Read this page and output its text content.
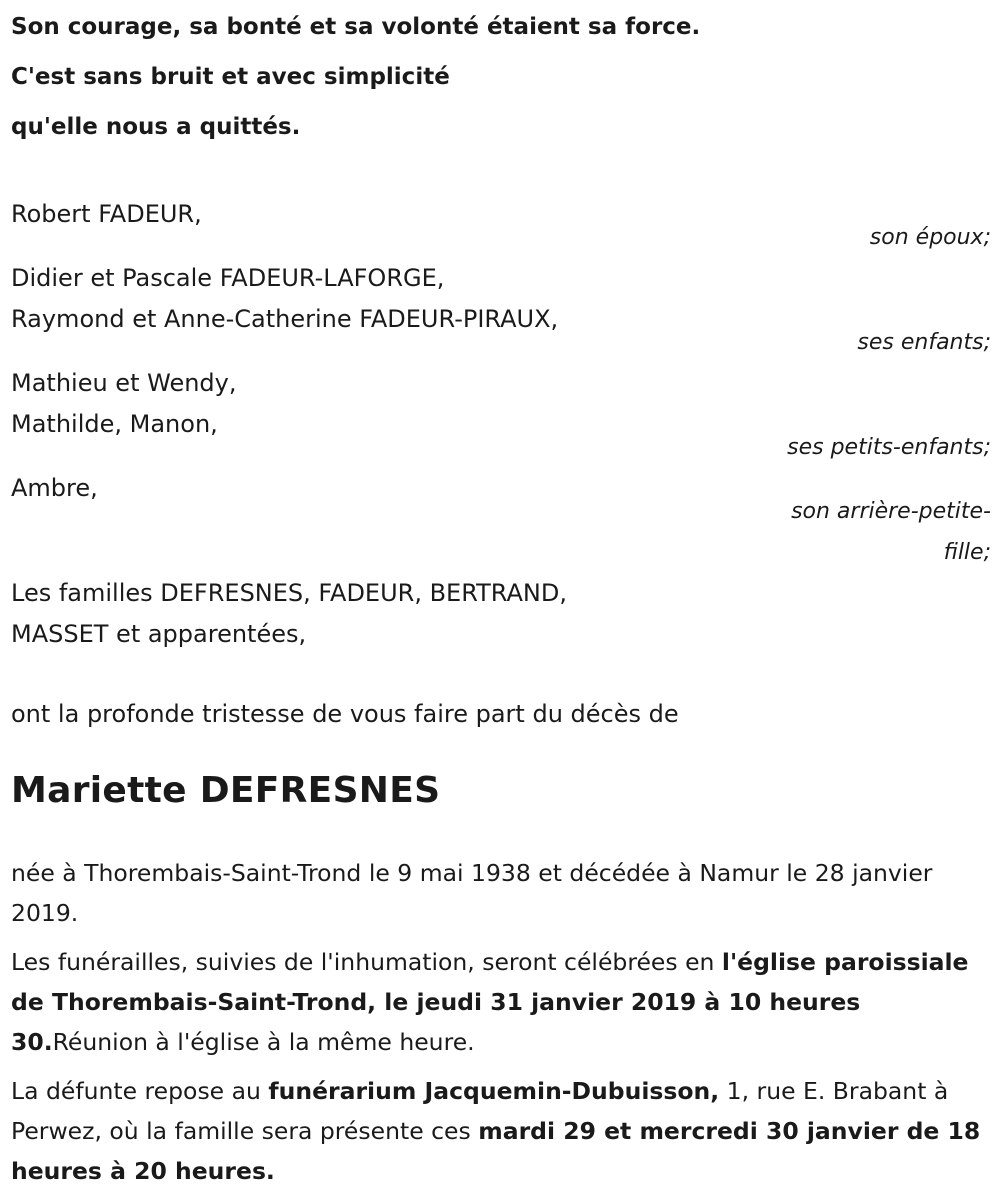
Son courage, sa bonté et sa volonté étaient sa force.
C'est sans bruit et avec simplicité
qu'elle nous a quittés.
Robert FADEUR,
son époux;
Didier et Pascale FADEUR-LAFORGE,
Raymond et Anne-Catherine FADEUR-PIRAUX,
ses enfants;
Mathieu et Wendy,
Mathilde, Manon,
ses petits-enfants;
Ambre,
son arrière-petite-
fille;
Les familles DEFRESNES, FADEUR, BERTRAND,
MASSET et apparentées,
ont la profonde tristesse de vous faire part du décès de
Mariette DEFRESNES

née à Thorembais-Saint-Trond le 9 mai 1938 et décédée à Namur le 28 janvier 2019.

Les funérailles, suivies de l'inhumation, seront célébrées en l'église paroissiale de Thorembais-Saint-Trond, le jeudi 31 janvier 2019 à 10 heures 30.Réunion à l'église à la même heure.

La défunte repose au funérarium Jacquemin-Dubuisson, 1, rue E. Brabant à Perwez, où la famille sera présente ces mardi 29 et mercredi 30 janvier de 18 heures à 20 heures.
